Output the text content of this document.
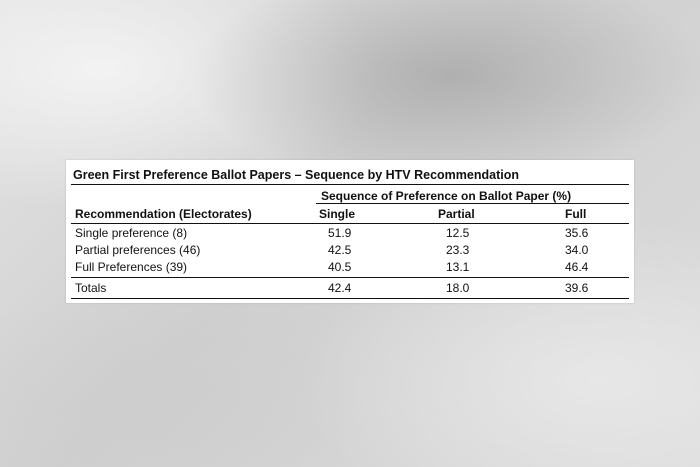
Green First Preference Ballot Papers – Sequence by HTV Recommendation
Sequence of Preference on Ballot Paper (%)
Recommendation (Electorates)	Single	Partial	Full
Single preference (8)	51.9	12.5	35.6
Partial preferences (46)	42.5	23.3	34.0
Full Preferences (39)	40.5	13.1	46.4
Totals	42.4	18.0	39.6
